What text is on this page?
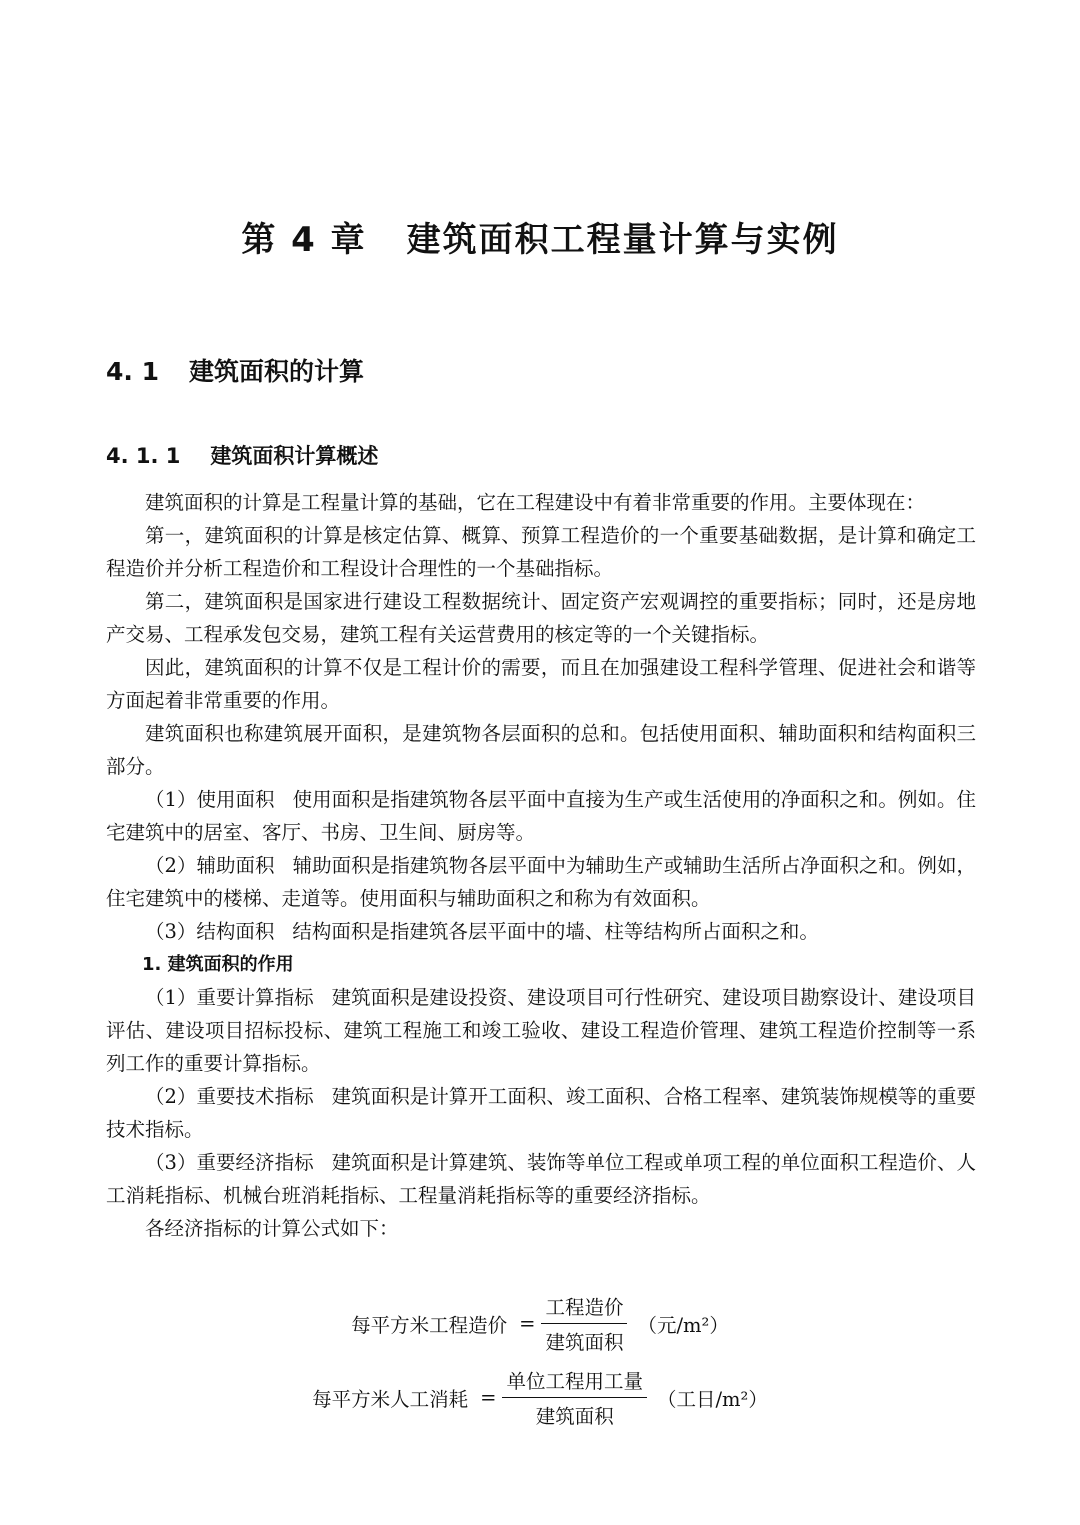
第 4 章 建筑面积工程量计算与实例
4. 1 建筑面积的计算
4. 1. 1 建筑面积计算概述

建筑面积的计算是工程量计算的基础，它在工程建设中有着非常重要的作用。主要体现在：

第一，建筑面积的计算是核定估算、概算、预算工程造价的一个重要基础数据，是计算和确定工程造价并分析工程造价和工程设计合理性的一个基础指标。

第二，建筑面积是国家进行建设工程数据统计、固定资产宏观调控的重要指标；同时，还是房地产交易、工程承发包交易，建筑工程有关运营费用的核定等的一个关键指标。

因此，建筑面积的计算不仅是工程计价的需要，而且在加强建设工程科学管理、促进社会和谐等方面起着非常重要的作用。

建筑面积也称建筑展开面积，是建筑物各层面积的总和。包括使用面积、辅助面积和结构面积三部分。

（1）使用面积 使用面积是指建筑物各层平面中直接为生产或生活使用的净面积之和。例如。住宅建筑中的居室、客厅、书房、卫生间、厨房等。

（2）辅助面积 辅助面积是指建筑物各层平面中为辅助生产或辅助生活所占净面积之和。例如，住宅建筑中的楼梯、走道等。使用面积与辅助面积之和称为有效面积。

（3）结构面积 结构面积是指建筑各层平面中的墙、柱等结构所占面积之和。

1. 建筑面积的作用

（1）重要计算指标 建筑面积是建设投资、建设项目可行性研究、建设项目勘察设计、建设项目评估、建设项目招标投标、建筑工程施工和竣工验收、建设工程造价管理、建筑工程造价控制等一系列工作的重要计算指标。

（2）重要技术指标 建筑面积是计算开工面积、竣工面积、合格工程率、建筑装饰规模等的重要技术指标。

（3）重要经济指标 建筑面积是计算建筑、装饰等单位工程或单项工程的单位面积工程造价、人工消耗指标、机械台班消耗指标、工程量消耗指标等的重要经济指标。

各经济指标的计算公式如下：

每平方米工程造价 = $\frac{\text{工程造价}}{\text{建筑面积}}$ （元/m²）
每平方米人工消耗 = $\frac{\text{单位工程用工量}}{\text{建筑面积}}$ （工日/m²）
